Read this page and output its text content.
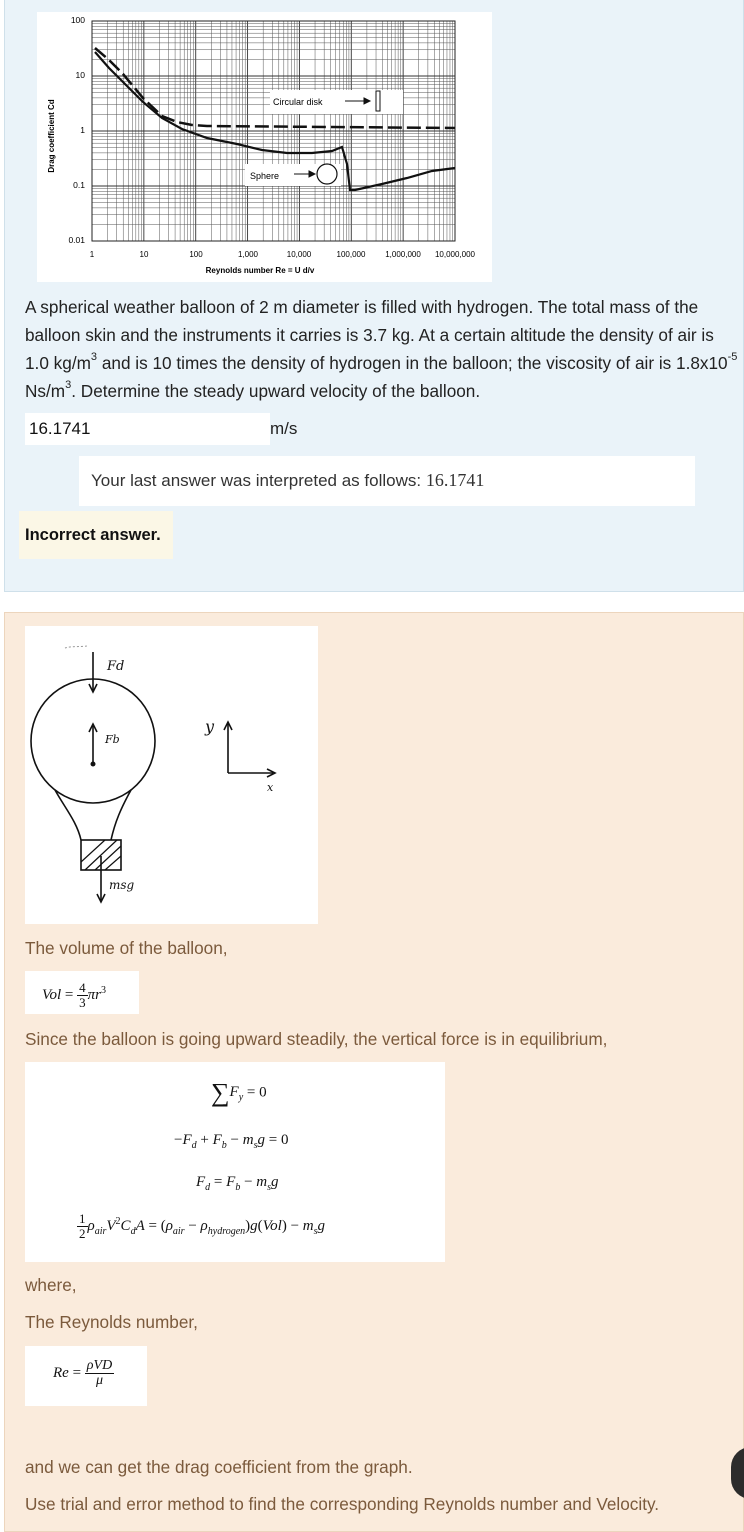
Drag coefficient Cd
100
10
1
0.1
0.01
1	10	100	1,000	10,000	100,000 1,000,000 10,000,000
Reynolds number Re = U d/v
Circular disk
Sphere
A spherical weather balloon of 2 m diameter is filled with hydrogen. The total mass of the balloon skin and the instruments it carries is 3.7 kg. At a certain altitude the density of air is 1.0 $kg/m^3$ and is 10 times the density of hydrogen in the balloon; the viscosity of air is $1.8x10^{-5}$ $Ns/m^3$. Determine the steady upward velocity of the balloon.
16.1741
m/s
Your last answer was interpreted as follows: 16.1741
Incorrect answer.
Fd
Fb
msg
y
x
The volume of the balloon,
Vol = $\frac{4}{3} \pi r^3$
Since the balloon is going upward steadily, the vertical force is in equilibrium,
$\sum F_y = 0$
$-F_d + F_b - m_sg = 0$
$F_d = F_b - m_sg$
$\frac{1}{2} \rho_{air}V^2C_dA = (\rho_{air} - \rho_{hydrogen})g(Vol) - m_sg$
where,
The Reynolds number,
$Re = \frac{\text{ρVD}}{\mu}$
and we can get the drag coefficient from the graph.
Use trial and error method to find the corresponding Reynolds number and Velocity.
